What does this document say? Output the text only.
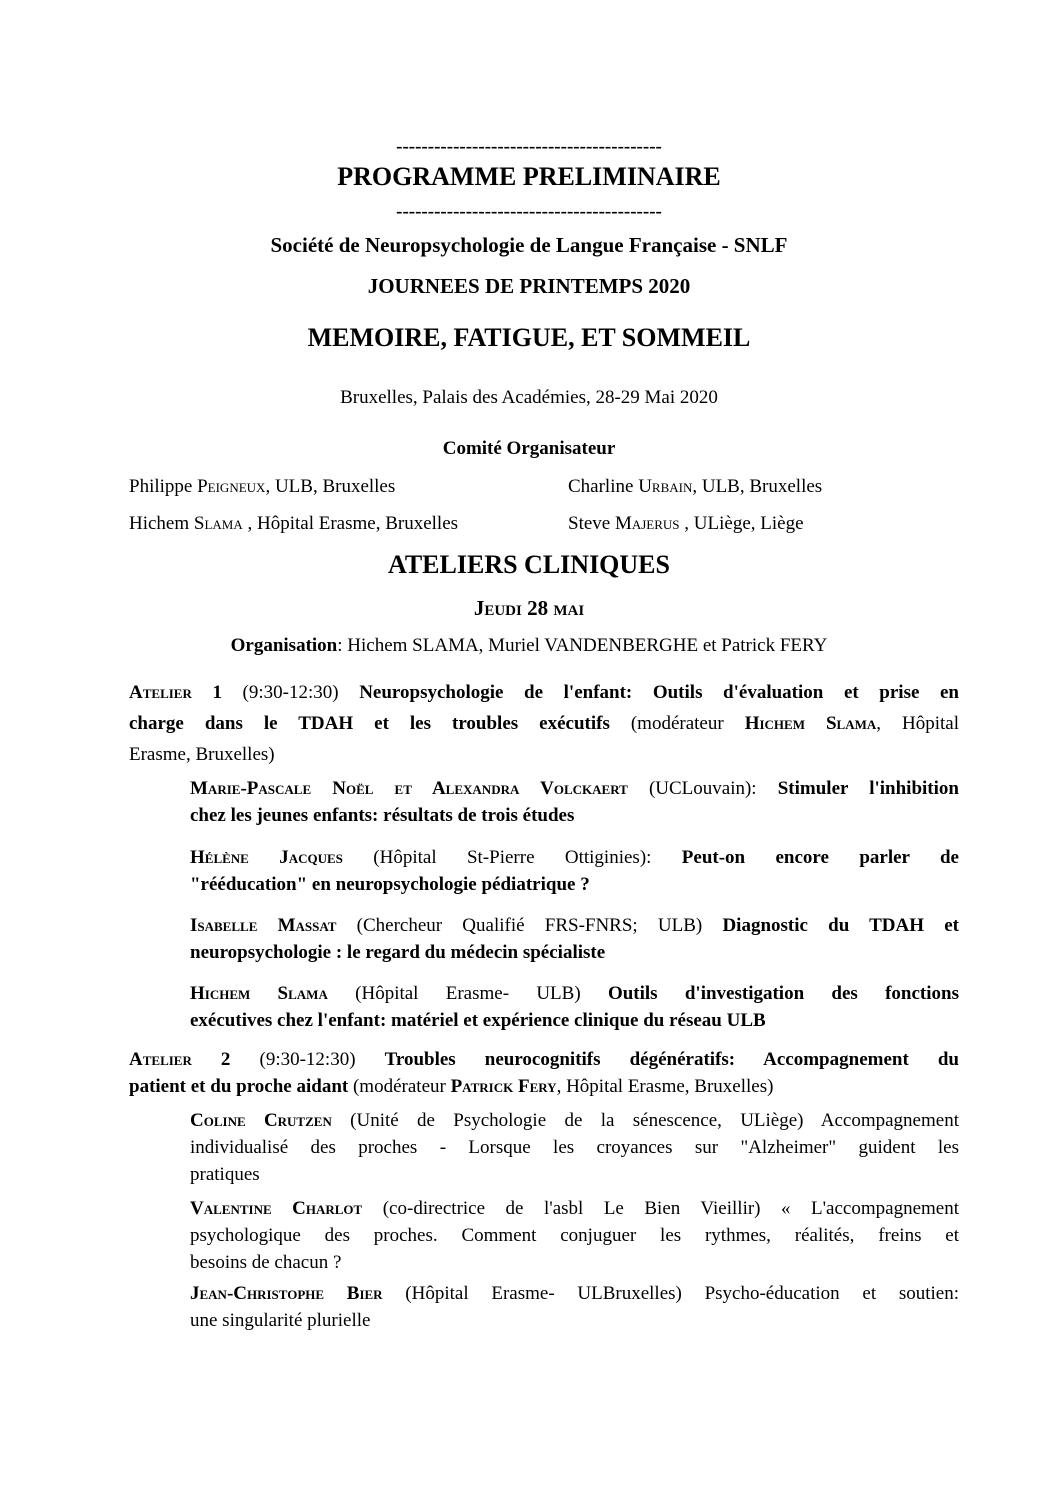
------------------------------------------
PROGRAMME PRELIMINAIRE
------------------------------------------
Société de Neuropsychologie de Langue Française - SNLF
JOURNEES DE PRINTEMPS 2020
MEMOIRE, FATIGUE, ET SOMMEIL
Bruxelles, Palais des Académies, 28-29 Mai 2020
Comité Organisateur
Philippe Peigneux, ULB, Bruxelles	Charline Urbain, ULB, Bruxelles
Hichem Slama , Hôpital Erasme, Bruxelles	Steve Majerus , ULiège, Liège
ATELIERS CLINIQUES
Jeudi 28 mai
Organisation: Hichem SLAMA, Muriel VANDENBERGHE et Patrick FERY
Atelier 1 (9:30-12:30) Neuropsychologie de l'enfant: Outils d'évaluation et prise en
charge dans le TDAH et les troubles exécutifs (modérateur Hichem Slama, Hôpital
Erasme, Bruxelles)
Marie-Pascale Noël et Alexandra Volckaert (UCLouvain): Stimuler l'inhibition
chez les jeunes enfants: résultats de trois études
Hélène Jacques (Hôpital St-Pierre Ottiginies): Peut-on encore parler de
"rééducation" en neuropsychologie pédiatrique ?
Isabelle Massat (Chercheur Qualifié FRS-FNRS; ULB) Diagnostic du TDAH et
neuropsychologie : le regard du médecin spécialiste
Hichem Slama (Hôpital Erasme- ULB) Outils d'investigation des fonctions
exécutives chez l'enfant: matériel et expérience clinique du réseau ULB
Atelier 2 (9:30-12:30) Troubles neurocognitifs dégénératifs: Accompagnement du
patient et du proche aidant (modérateur Patrick Fery, Hôpital Erasme, Bruxelles)
Coline Crutzen (Unité de Psychologie de la sénescence, ULiège) Accompagnement
individualisé des proches - Lorsque les croyances sur "Alzheimer" guident les
pratiques
Valentine Charlot (co-directrice de l'asbl Le Bien Vieillir) « L'accompagnement
psychologique des proches. Comment conjuguer les rythmes, réalités, freins et
besoins de chacun ?
Jean-Christophe Bier (Hôpital Erasme- ULBruxelles) Psycho-éducation et soutien:
une singularité plurielle
